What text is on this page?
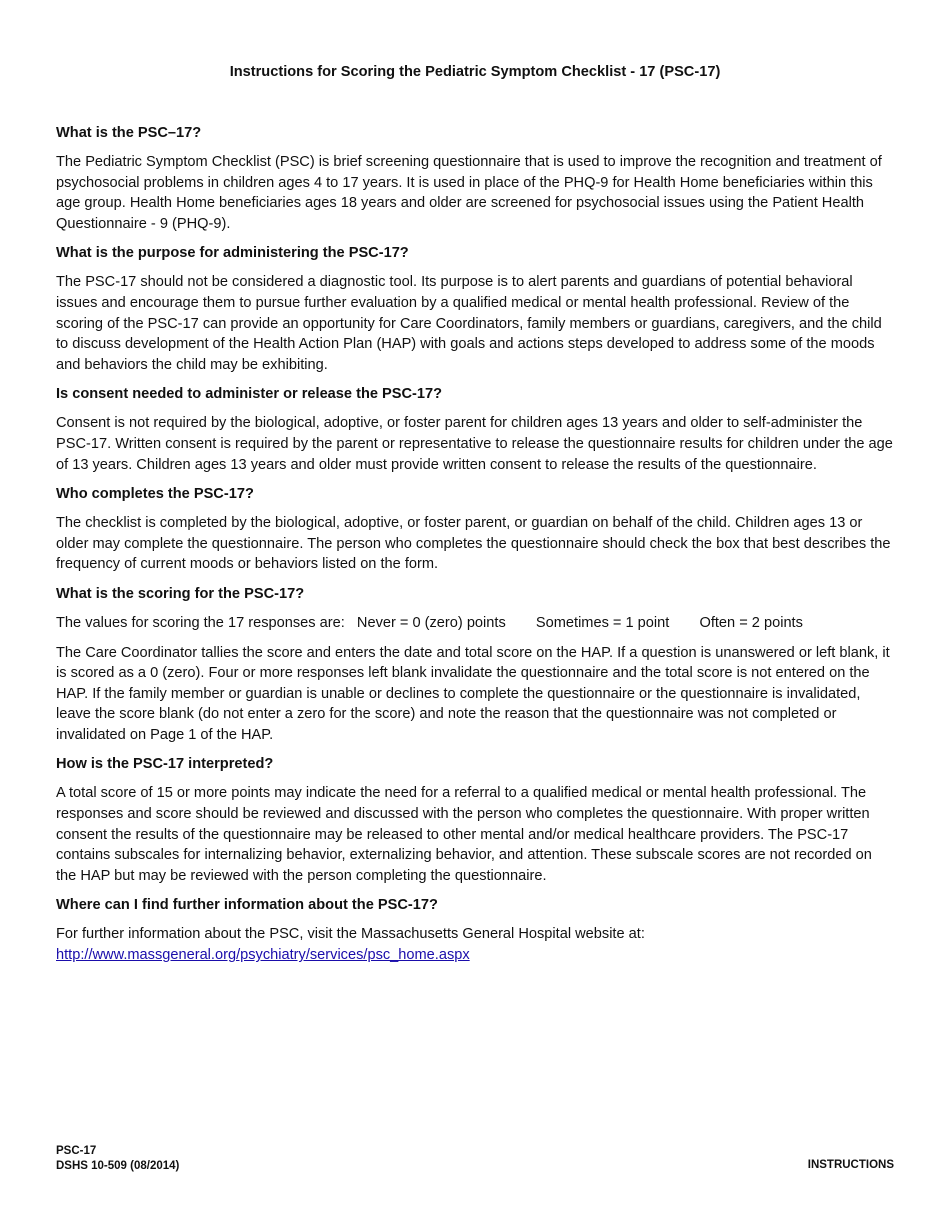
Instructions for Scoring the Pediatric Symptom Checklist - 17 (PSC-17)
What is the PSC–17?

The Pediatric Symptom Checklist (PSC) is brief screening questionnaire that is used to improve the recognition and treatment of psychosocial problems in children ages 4 to 17 years. It is used in place of the PHQ-9 for Health Home beneficiaries within this age group. Health Home beneficiaries ages 18 years and older are screened for psychosocial issues using the Patient Health Questionnaire - 9 (PHQ-9).

What is the purpose for administering the PSC-17?

The PSC-17 should not be considered a diagnostic tool. Its purpose is to alert parents and guardians of potential behavioral issues and encourage them to pursue further evaluation by a qualified medical or mental health professional. Review of the scoring of the PSC-17 can provide an opportunity for Care Coordinators, family members or guardians, caregivers, and the child to discuss development of the Health Action Plan (HAP) with goals and actions steps developed to address some of the moods and behaviors the child may be exhibiting.

Is consent needed to administer or release the PSC-17?

Consent is not required by the biological, adoptive, or foster parent for children ages 13 years and older to self-administer the PSC-17. Written consent is required by the parent or representative to release the questionnaire results for children under the age of 13 years. Children ages 13 years and older must provide written consent to release the results of the questionnaire.

Who completes the PSC-17?

The checklist is completed by the biological, adoptive, or foster parent, or guardian on behalf of the child. Children ages 13 or older may complete the questionnaire. The person who completes the questionnaire should check the box that best describes the frequency of current moods or behaviors listed on the form.

What is the scoring for the PSC-17?

The values for scoring the 17 responses are: Never = 0 (zero) points Sometimes = 1 point Often = 2 points

The Care Coordinator tallies the score and enters the date and total score on the HAP. If a question is unanswered or left blank, it is scored as a 0 (zero). Four or more responses left blank invalidate the questionnaire and the total score is not entered on the HAP. If the family member or guardian is unable or declines to complete the questionnaire or the questionnaire is invalidated, leave the score blank (do not enter a zero for the score) and note the reason that the questionnaire was not completed or invalidated on Page 1 of the HAP.

How is the PSC-17 interpreted?

A total score of 15 or more points may indicate the need for a referral to a qualified medical or mental health professional. The responses and score should be reviewed and discussed with the person who completes the questionnaire. With proper written consent the results of the questionnaire may be released to other mental and/or medical healthcare providers. The PSC-17 contains subscales for internalizing behavior, externalizing behavior, and attention. These subscale scores are not recorded on the HAP but may be reviewed with the person completing the questionnaire.

Where can I find further information about the PSC-17?

For further information about the PSC, visit the Massachusetts General Hospital website at:
http://www.massgeneral.org/psychiatry/services/psc_home.aspx

PSC-17
DSHS 10-509 (08/2014)	INSTRUCTIONS
